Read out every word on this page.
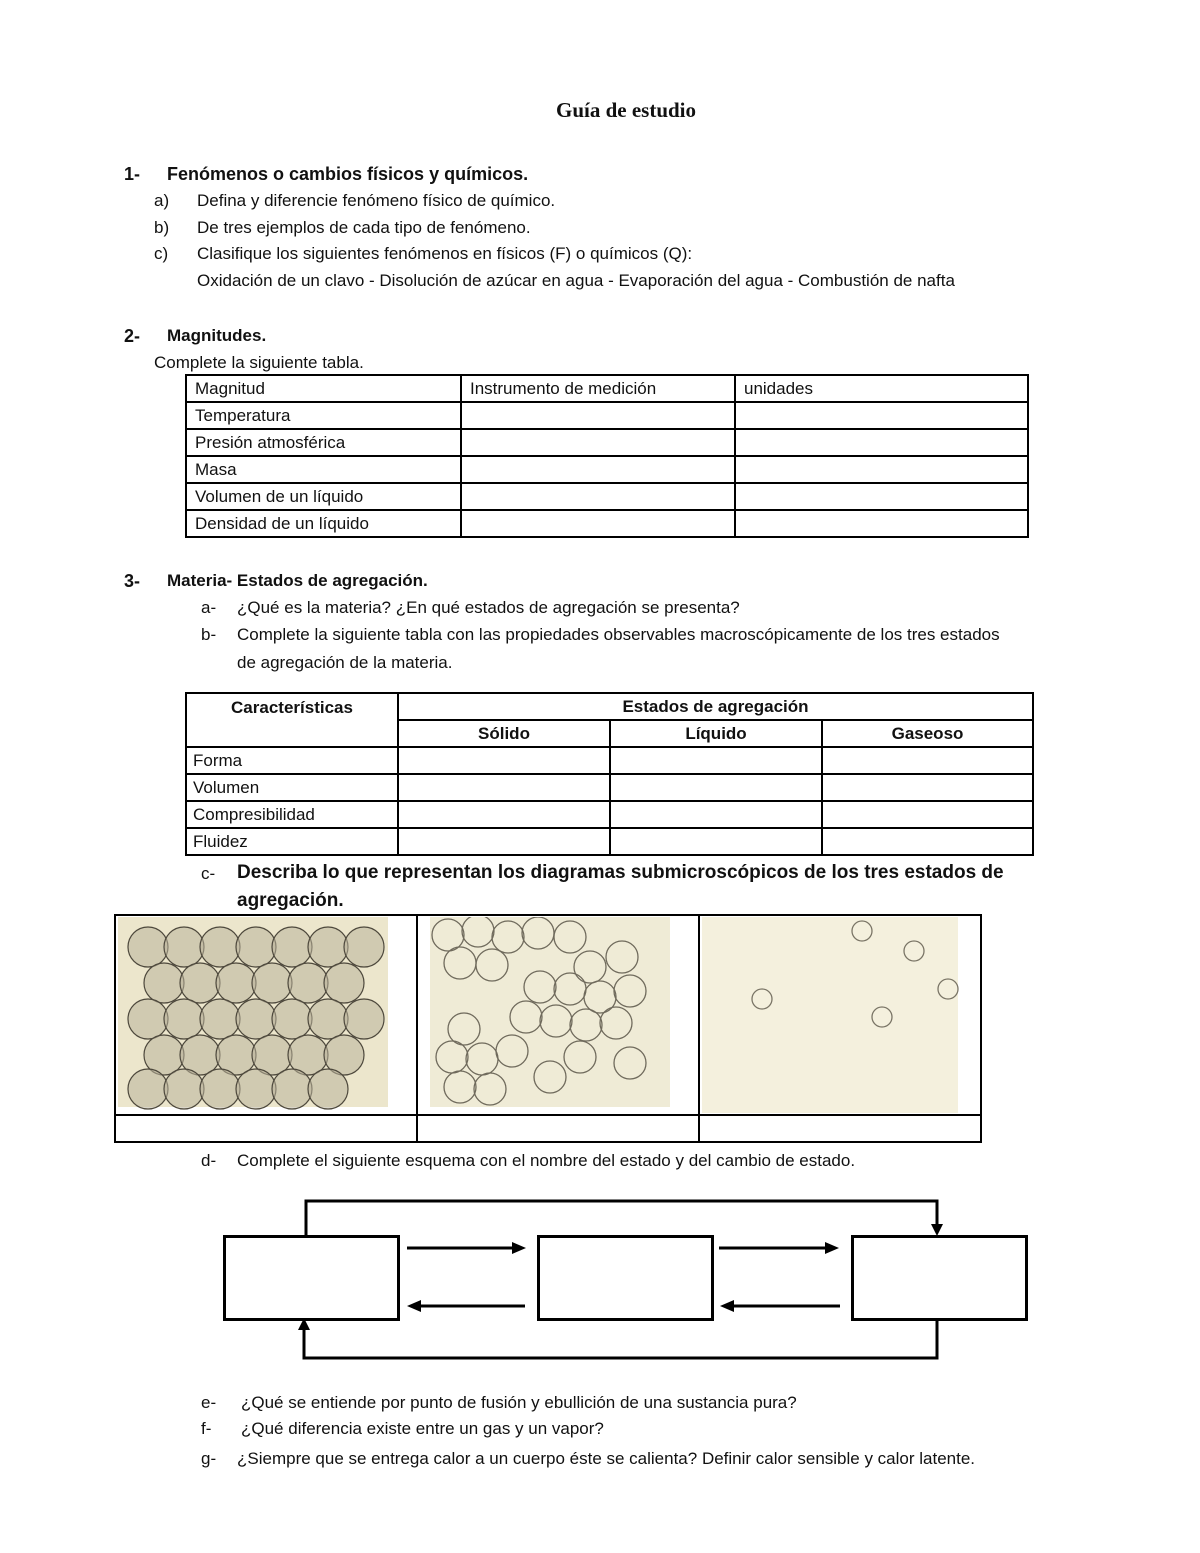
Guía de estudio
1- Fenómenos o cambios físicos y químicos.
a) Defina y diferencie fenómeno físico de químico.
b) De tres ejemplos de cada tipo de fenómeno.
c) Clasifique los siguientes fenómenos en físicos (F) o químicos (Q):
Oxidación de un clavo - Disolución de azúcar en agua - Evaporación del agua - Combustión de nafta
2- Magnitudes.
Complete la siguiente tabla.
Magnitud	Instrumento de medición	unidades
Temperatura		
Presión atmosférica		
Masa		
Volumen de un líquido		
Densidad de un líquido		
3- Materia- Estados de agregación.
a- ¿Qué es la materia? ¿En qué estados de agregación se presenta?
b- Complete la siguiente tabla con las propiedades observables macroscópicamente de los tres estados
de agregación de la materia.
Características	Estados de agregación		
	Sólido	Líquido	Gaseoso
Forma			
Volumen			
Compresibilidad			
Fluidez			
c- Describa lo que representan los diagramas submicroscópicos de los tres estados de
agregación.
d- Complete el siguiente esquema con el nombre del estado y del cambio de estado.
e- ¿Qué se entiende por punto de fusión y ebullición de una sustancia pura?
f- ¿Qué diferencia existe entre un gas y un vapor?
g- ¿Siempre que se entrega calor a un cuerpo éste se calienta? Definir calor sensible y calor latente.
